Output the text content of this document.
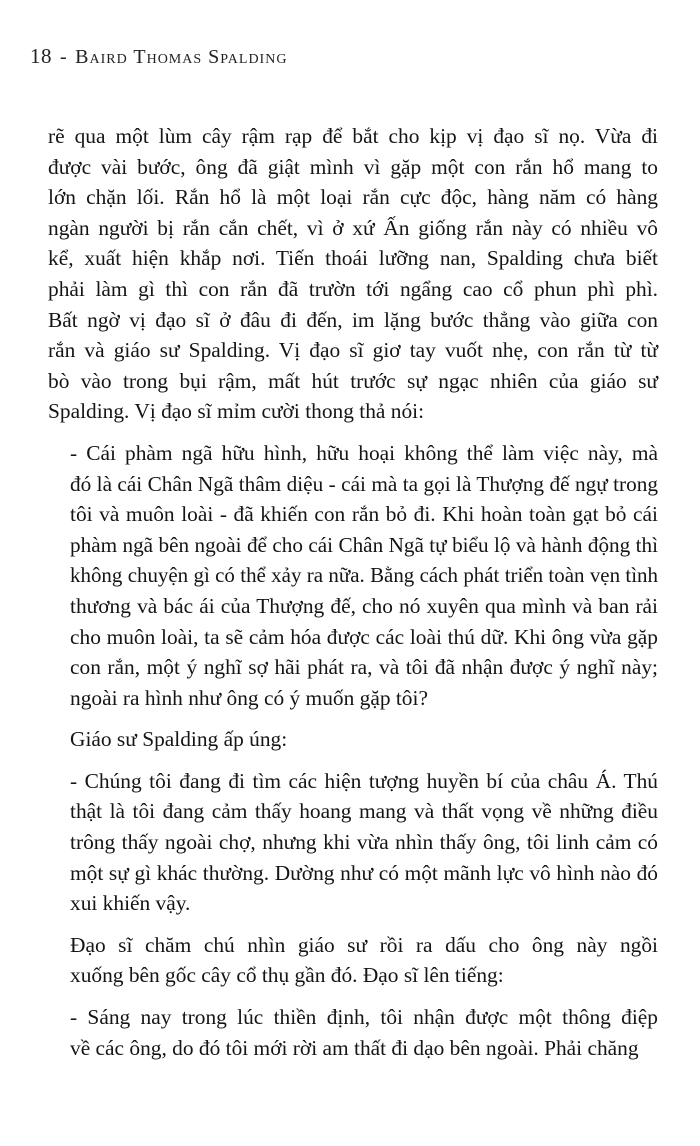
18 - Baird Thomas Spalding

rẽ qua một lùm cây rậm rạp để bắt cho kịp vị đạo sĩ nọ. Vừa đi
được vài bước, ông đã giật mình vì gặp một con rắn hổ mang to
lớn chặn lối. Rắn hổ là một loại rắn cực độc, hàng năm có hàng
ngàn người bị rắn cắn chết, vì ở xứ Ấn giống rắn này có nhiều vô
kể, xuất hiện khắp nơi. Tiến thoái lưỡng nan, Spalding chưa biết
phải làm gì thì con rắn đã trườn tới ngẩng cao cổ phun phì phì.
Bất ngờ vị đạo sĩ ở đâu đi đến, im lặng bước thẳng vào giữa con
rắn và giáo sư Spalding. Vị đạo sĩ giơ tay vuốt nhẹ, con rắn từ từ
bò vào trong bụi rậm, mất hút trước sự ngạc nhiên của giáo sư
Spalding. Vị đạo sĩ mỉm cười thong thả nói:

- Cái phàm ngã hữu hình, hữu hoại không thể làm việc này, mà
đó là cái Chân Ngã thâm diệu - cái mà ta gọi là Thượng đế ngự trong
tôi và muôn loài - đã khiến con rắn bỏ đi. Khi hoàn toàn gạt bỏ cái
phàm ngã bên ngoài để cho cái Chân Ngã tự biểu lộ và hành động thì
không chuyện gì có thể xảy ra nữa. Bằng cách phát triển toàn vẹn tình
thương và bác ái của Thượng đế, cho nó xuyên qua mình và ban rải
cho muôn loài, ta sẽ cảm hóa được các loài thú dữ. Khi ông vừa gặp
con rắn, một ý nghĩ sợ hãi phát ra, và tôi đã nhận được ý nghĩ này;
ngoài ra hình như ông có ý muốn gặp tôi?

Giáo sư Spalding ấp úng:

- Chúng tôi đang đi tìm các hiện tượng huyền bí của châu Á. Thú
thật là tôi đang cảm thấy hoang mang và thất vọng về những điều
trông thấy ngoài chợ, nhưng khi vừa nhìn thấy ông, tôi linh cảm có
một sự gì khác thường. Dường như có một mãnh lực vô hình nào đó
xui khiến vậy.

Đạo sĩ chăm chú nhìn giáo sư rồi ra dấu cho ông này ngồi
xuống bên gốc cây cổ thụ gần đó. Đạo sĩ lên tiếng:

- Sáng nay trong lúc thiền định, tôi nhận được một thông điệp
về các ông, do đó tôi mới rời am thất đi dạo bên ngoài. Phải chăng
